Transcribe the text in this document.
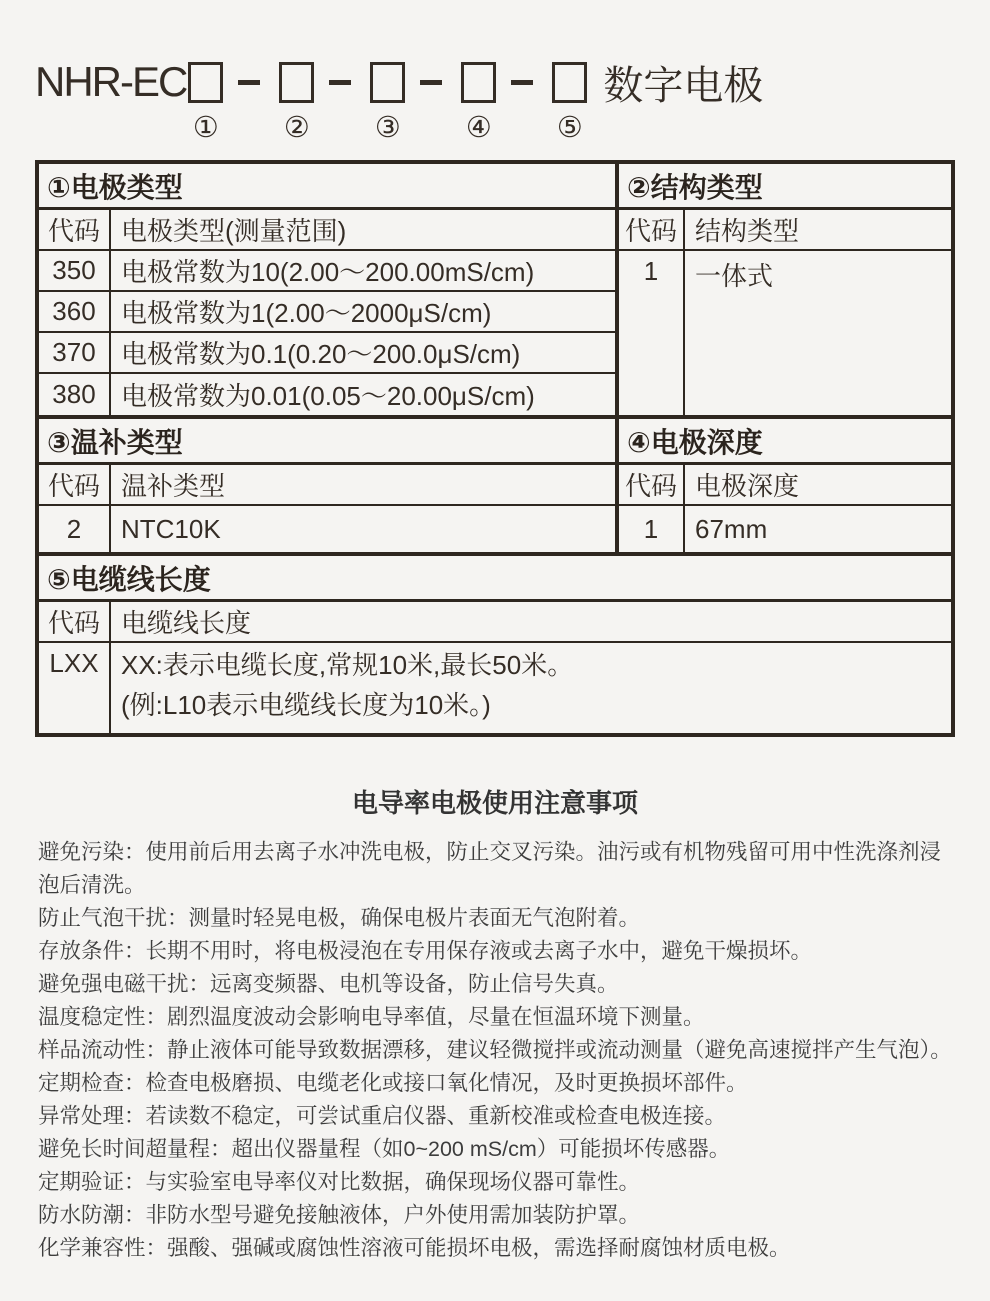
NHR-EC	数字电极
① ② ③ ④ ⑤
①电极类型
代码 电极类型(测量范围)
350 电极常数为10(2.00～200.00mS/cm)
360 电极常数为1(2.00～2000μS/cm)
370 电极常数为0.1(0.20～200.0μS/cm)
380 电极常数为0.01(0.05～20.00μS/cm)
②结构类型
代码 结构类型
1	一体式
③温补类型
代码 温补类型
2	NTC10K
④电极深度
代码 电极深度
1	67mm
⑤电缆线长度
代码 电缆线长度
LXX XX:表示电缆长度,常规10米,最长50米。
(例:L10表示电缆线长度为10米。)
电导率电极使用注意事项
避免污染：使用前后用去离子水冲洗电极，防止交叉污染。油污或有机物残留可用中性洗涤剂浸泡后清洗。
防止气泡干扰：测量时轻晃电极，确保电极片表面无气泡附着。
存放条件：长期不用时，将电极浸泡在专用保存液或去离子水中，避免干燥损坏。
避免强电磁干扰：远离变频器、电机等设备，防止信号失真。
温度稳定性：剧烈温度波动会影响电导率值，尽量在恒温环境下测量。
样品流动性：静止液体可能导致数据漂移，建议轻微搅拌或流动测量（避免高速搅拌产生气泡）。
定期检查：检查电极磨损、电缆老化或接口氧化情况，及时更换损坏部件。
异常处理：若读数不稳定，可尝试重启仪器、重新校准或检查电极连接。
避免长时间超量程：超出仪器量程（如0~200 mS/cm）可能损坏传感器。
定期验证：与实验室电导率仪对比数据，确保现场仪器可靠性。
防水防潮：非防水型号避免接触液体，户外使用需加装防护罩。
化学兼容性：强酸、强碱或腐蚀性溶液可能损坏电极，需选择耐腐蚀材质电极。
